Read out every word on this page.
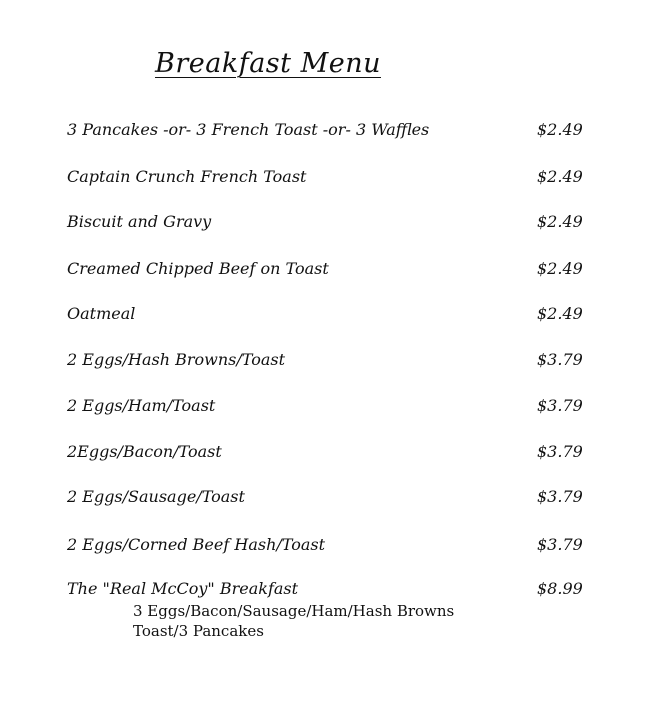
Breakfast Menu
3 Pancakes -or- 3 French Toast -or- 3 Waffles	$2.49
Captain Crunch French Toast	$2.49
Biscuit and Gravy	$2.49
Creamed Chipped Beef on Toast	$2.49
Oatmeal	$2.49
2 Eggs/Hash Browns/Toast	$3.79
2 Eggs/Ham/Toast	$3.79
2Eggs/Bacon/Toast	$3.79
2 Eggs/Sausage/Toast	$3.79
2 Eggs/Corned Beef Hash/Toast	$3.79
The "Real McCoy" Breakfast	$8.99
3 Eggs/Bacon/Sausage/Ham/Hash Browns
Toast/3 Pancakes
